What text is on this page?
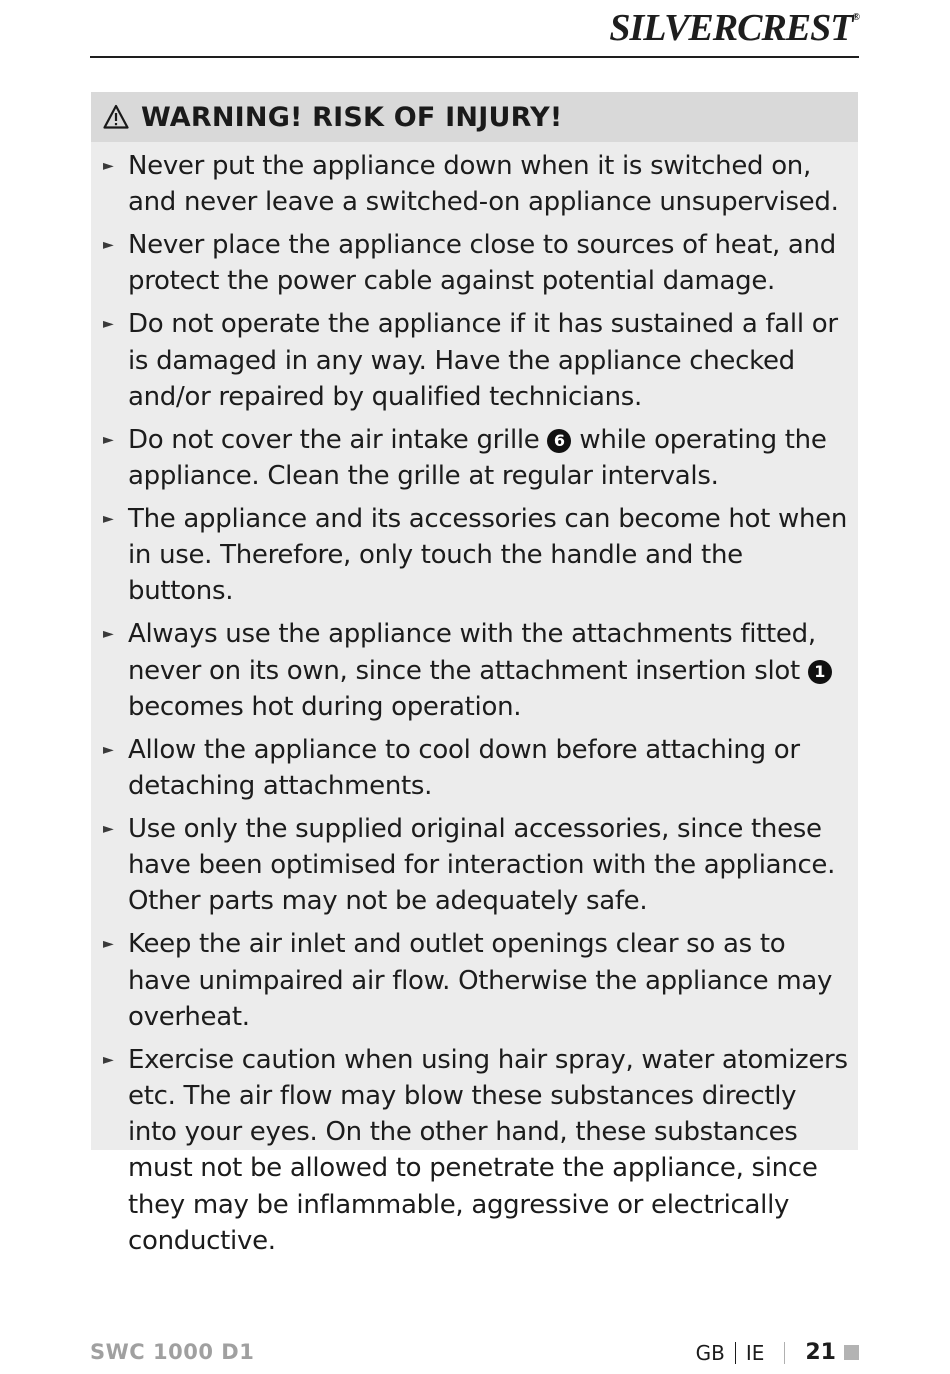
SILVERCREST®
WARNING! RISK OF INJURY!
► Never put the appliance down when it is switched on, and never leave a switched-on appliance unsupervised.
► Never place the appliance close to sources of heat, and protect the power cable against potential damage.
► Do not operate the appliance if it has sustained a fall or is damaged in any way. Have the appliance checked and/or repaired by qualified technicians.
► Do not cover the air intake grille 6 while operating the appliance. Clean the grille at regular intervals.
► The appliance and its accessories can become hot when in use. Therefore, only touch the handle and the buttons.
► Always use the appliance with the attachments fitted, never on its own, since the attachment insertion slot 1 becomes hot during operation.
► Allow the appliance to cool down before attaching or detaching attachments.
► Use only the supplied original accessories, since these have been optimised for interaction with the appliance. Other parts may not be adequately safe.
► Keep the air inlet and outlet openings clear so as to have unimpaired air flow. Otherwise the appliance may overheat.
► Exercise caution when using hair spray, water atomizers etc. The air flow may blow these substances directly into your eyes. On the other hand, these substances must not be allowed to penetrate the appliance, since they may be inflammable, aggressive or electrically conductive.
SWC 1000 D1	GB IE 21
